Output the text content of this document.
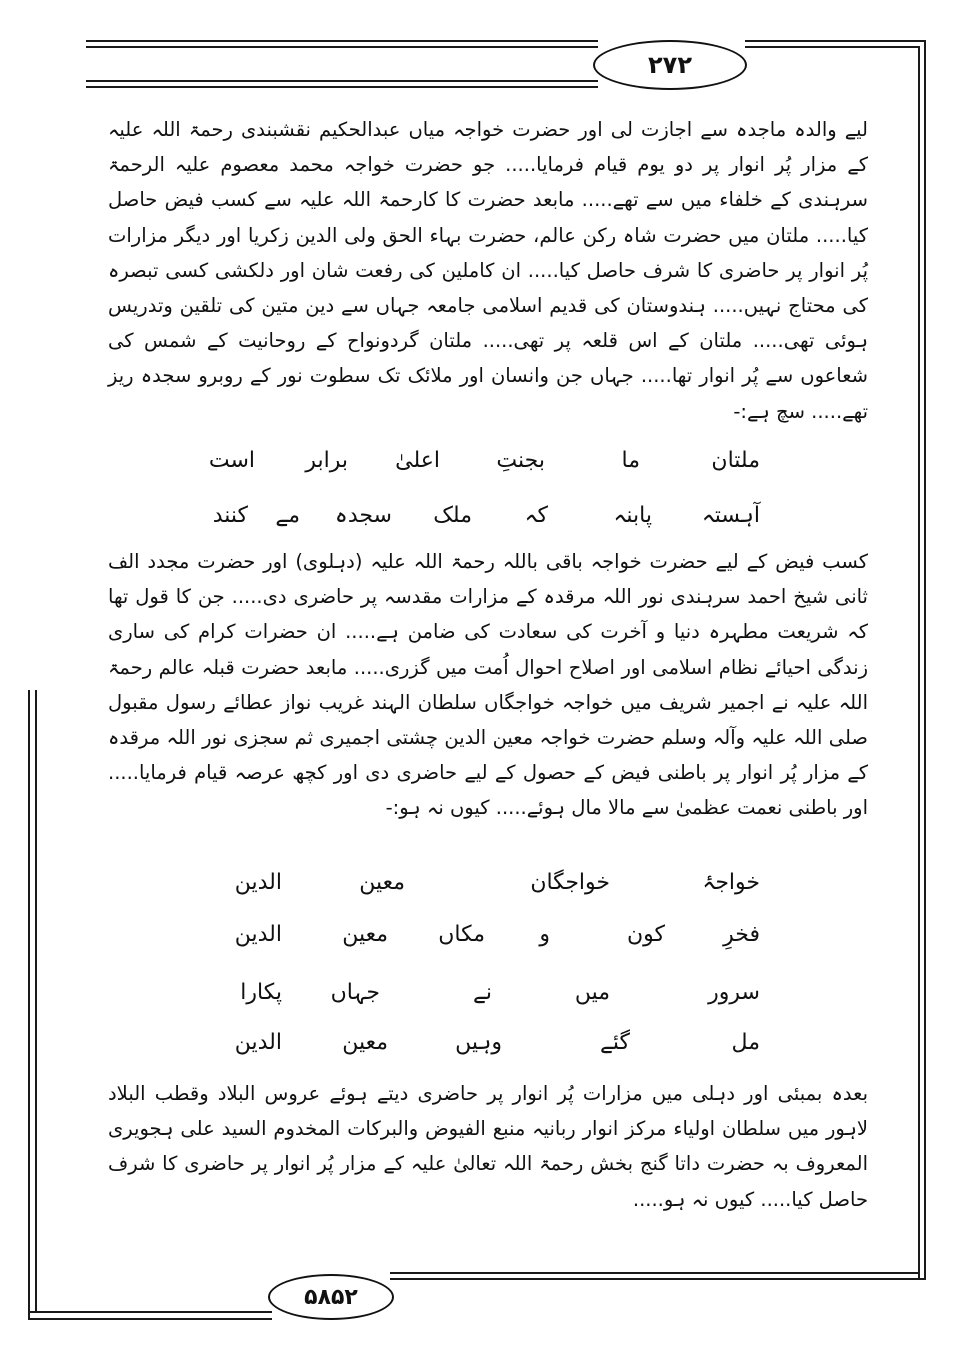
۲۷۲
۵۸۵۲

لیے والدہ ماجدہ سے اجازت لی اور حضرت خواجہ میاں عبدالحکیم نقشبندی رحمۃ اللہ علیہ کے مزار پُر انوار پر دو یوم قیام فرمایا..... جو حضرت خواجہ محمد معصوم علیہ الرحمۃ سرہندی کے خلفاء میں سے تھے..... مابعد حضرت کا کارحمۃ اللہ علیہ سے کسب فیض حاصل کیا..... ملتان میں حضرت شاہ رکن عالم، حضرت بہاء الحق ولی الدین زکریا اور دیگر مزارات پُر انوار پر حاضری کا شرف حاصل کیا..... ان کاملین کی رفعت شان اور دلکشی کسی تبصرہ کی محتاج نہیں..... ہندوستان کی قدیم اسلامی جامعہ جہاں سے دین متین کی تلقین وتدریس ہوئی تھی..... ملتان کے اس قلعہ پر تھی..... ملتان گردونواح کے روحانیت کے شمس کی شعاعوں سے پُر انوار تھا..... جہاں جن وانسان اور ملائک تک سطوت نور کے روبرو سجدہ ریز تھے..... سچ ہے:-

ملتان
ما
بجنتِ
اعلیٰ
برابر
است
آہستہ
پابنہ
کہ
ملک
سجدہ
مے
کنند

کسب فیض کے لیے حضرت خواجہ باقی باللہ رحمۃ اللہ علیہ (دہلوی) اور حضرت مجدد الف ثانی شیخ احمد سرہندی نور اللہ مرقدہ کے مزارات مقدسہ پر حاضری دی..... جن کا قول تھا کہ شریعت مطہرہ دنیا و آخرت کی سعادت کی ضامن ہے..... ان حضرات کرام کی ساری زندگی احیائے نظام اسلامی اور اصلاح احوال اُمت میں گزری..... مابعد حضرت قبلہ عالم رحمۃ اللہ علیہ نے اجمیر شریف میں خواجہ خواجگاں سلطان الہند غریب نواز عطائے رسول مقبول صلی اللہ علیہ وآلہ وسلم حضرت خواجہ معین الدین چشتی اجمیری ثم سجزی نور اللہ مرقدہ کے مزار پُر انوار پر باطنی فیض کے حصول کے لیے حاضری دی اور کچھ عرصہ قیام فرمایا..... اور باطنی نعمت عظمیٰ سے مالا مال ہوئے..... کیوں نہ ہو:-

خواجۂ
خواجگان
معین
الدین
فخرِ
کون
و
مکاں
معین
الدین
سرور
میں
نے
جہاں
پکارا
مل
گئے
وہیں
معین
الدین

بعدہ بمبئی اور دہلی میں مزارات پُر انوار پر حاضری دیتے ہوئے عروس البلاد وقطب البلاد لاہور میں سلطان اولیاء مرکز انوار ربانیہ منبع الفیوض والبرکات المخدوم السید علی ہجویری المعروف بہ حضرت داتا گنج بخش رحمۃ اللہ تعالیٰ علیہ کے مزار پُر انوار پر حاضری کا شرف حاصل کیا..... کیوں نہ ہو.....
